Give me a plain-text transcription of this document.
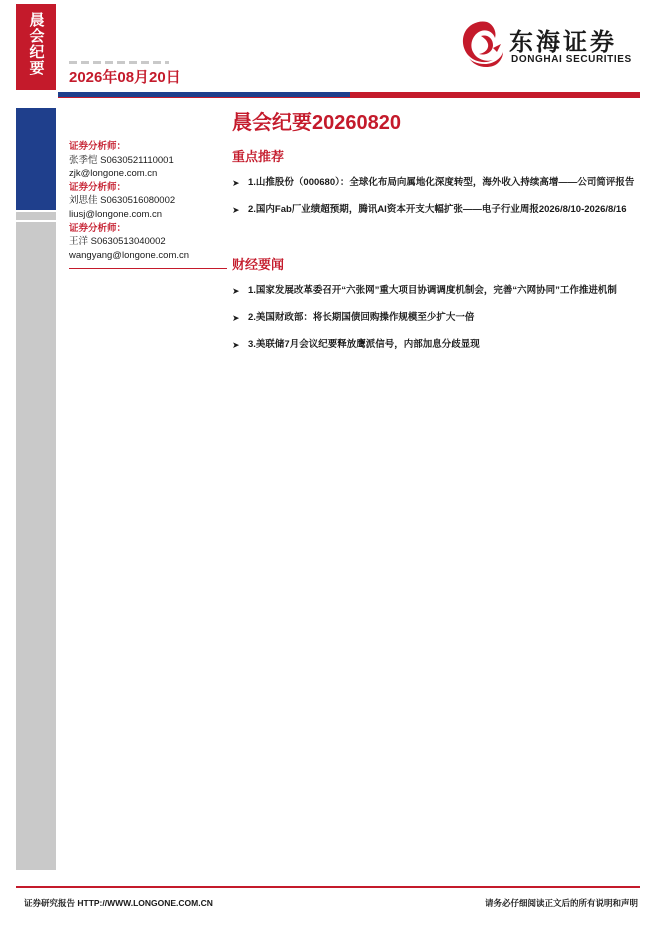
晨会纪要
2026年08月20日
东海证券
DONGHAI SECURITIES
证券分析师：
张季恺 S0630521110001
zjk@longone.com.cn
证券分析师：
刘思佳 S0630516080002
liusj@longone.com.cn
证券分析师：
王洋 S0630513040002
wangyang@longone.com.cn
晨会纪要20260820
重点推荐
➤ 1.山推股份（000680）：全球化布局向属地化深度转型，海外收入持续高增——公司简评报告
➤ 2.国内Fab厂业绩超预期，腾讯AI资本开支大幅扩张——电子行业周报2026/8/10-2026/8/16
财经要闻
➤ 1.国家发展改革委召开“六张网”重大项目协调调度机制会，完善“六网协同”工作推进机制
➤ 2.美国财政部：将长期国债回购操作规模至少扩大一倍
➤ 3.美联储7月会议纪要释放鹰派信号，内部加息分歧显现
证券研究报告 HTTP://WWW.LONGONE.COM.CN	请务必仔细阅读正文后的所有说明和声明
